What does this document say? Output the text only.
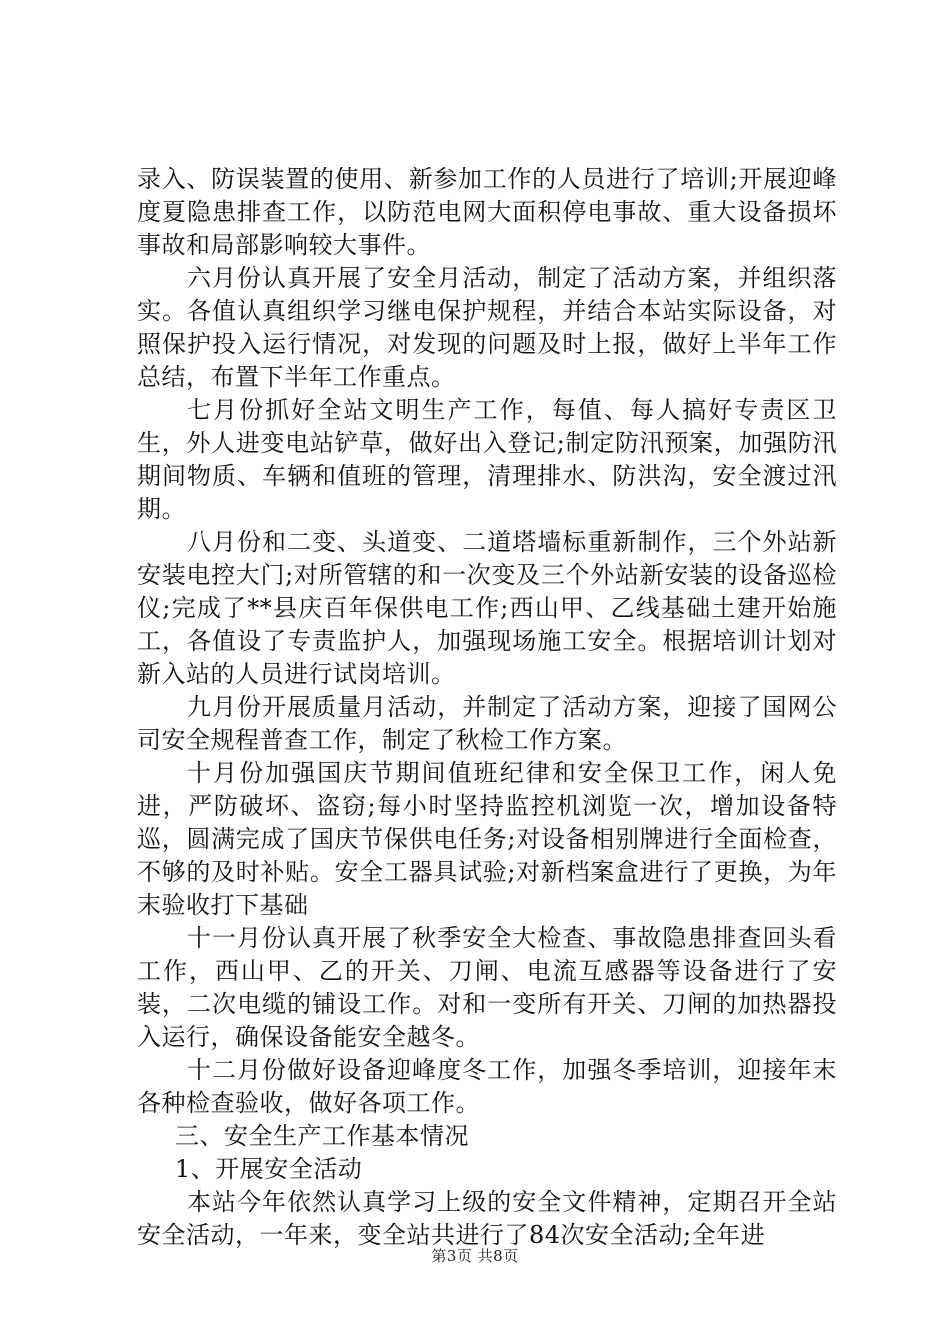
录入、防误装置的使用、新参加工作的人员进行了培训;开展迎峰度夏隐患排查工作，以防范电网大面积停电事故、重大设备损坏事故和局部影响较大事件。

六月份认真开展了安全月活动，制定了活动方案，并组织落实。各值认真组织学习继电保护规程，并结合本站实际设备，对照保护投入运行情况，对发现的问题及时上报，做好上半年工作总结，布置下半年工作重点。

七月份抓好全站文明生产工作，每值、每人搞好专责区卫生，外人进变电站铲草，做好出入登记;制定防汛预案，加强防汛期间物质、车辆和值班的管理，清理排水、防洪沟，安全渡过汛期。

八月份和二变、头道变、二道塔墙标重新制作，三个外站新安装电控大门;对所管辖的和一次变及三个外站新安装的设备巡检仪;完成了**县庆百年保供电工作;西山甲、乙线基础土建开始施工，各值设了专责监护人，加强现场施工安全。根据培训计划对新入站的人员进行试岗培训。

九月份开展质量月活动，并制定了活动方案，迎接了国网公司安全规程普查工作，制定了秋检工作方案。

十月份加强国庆节期间值班纪律和安全保卫工作，闲人免进，严防破坏、盗窃;每小时坚持监控机浏览一次，增加设备特巡，圆满完成了国庆节保供电任务;对设备相别牌进行全面检查，不够的及时补贴。安全工器具试验;对新档案盒进行了更换，为年末验收打下基础

十一月份认真开展了秋季安全大检查、事故隐患排查回头看工作，西山甲、乙的开关、刀闸、电流互感器等设备进行了安装，二次电缆的铺设工作。对和一变所有开关、刀闸的加热器投入运行，确保设备能安全越冬。

十二月份做好设备迎峰度冬工作，加强冬季培训，迎接年末各种检查验收，做好各项工作。

三、安全生产工作基本情况

1、开展安全活动

本站今年依然认真学习上级的安全文件精神，定期召开全站安全活动，一年来，变全站共进行了84次安全活动;全年进

第3页 共8页
